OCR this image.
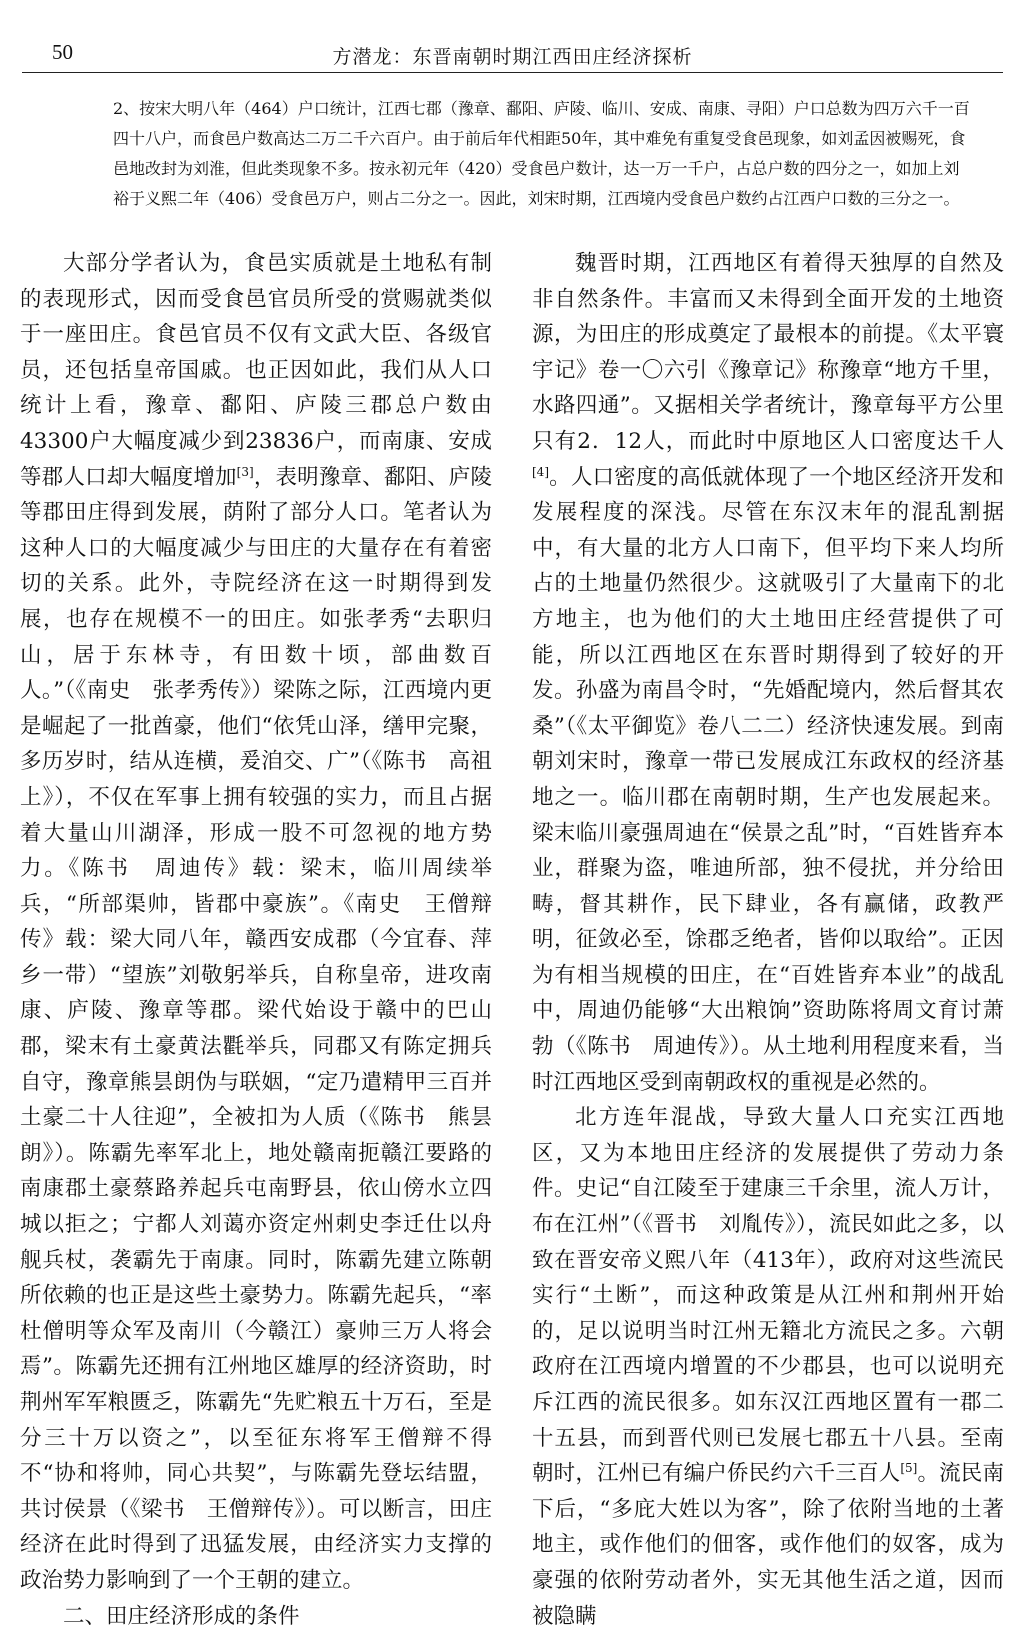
50	方潜龙：东晋南朝时期江西田庄经济探析

2、按宋大明八年（464）户口统计，江西七郡（豫章、鄱阳、庐陵、临川、安成、南康、寻阳）户口总数为四万六千一百四十八户，而食邑户数高达二万二千六百户。由于前后年代相距50年，其中难免有重复受食邑现象，如刘孟因被赐死，食邑地改封为刘淮，但此类现象不多。按永初元年（420）受食邑户数计，达一万一千户，占总户数的四分之一，如加上刘裕于义熙二年（406）受食邑万户，则占二分之一。因此，刘宋时期，江西境内受食邑户数约占江西户口数的三分之一。

大部分学者认为，食邑实质就是土地私有制的表现形式，因而受食邑官员所受的赏赐就类似于一座田庄。食邑官员不仅有文武大臣、各级官员，还包括皇帝国戚。也正因如此，我们从人口统计上看，豫章、鄱阳、庐陵三郡总户数由43300户大幅度减少到23836户，而南康、安成等郡人口却大幅度增加[3]，表明豫章、鄱阳、庐陵等郡田庄得到发展，荫附了部分人口。笔者认为这种人口的大幅度减少与田庄的大量存在有着密切的关系。此外，寺院经济在这一时期得到发展，也存在规模不一的田庄。如张孝秀“去职归山，居于东林寺，有田数十顷，部曲数百人。”（《南史　张孝秀传》）梁陈之际，江西境内更是崛起了一批酋豪，他们“依凭山泽，缮甲完聚，多历岁时，结从连横，爰洎交、广”（《陈书　高祖上》），不仅在军事上拥有较强的实力，而且占据着大量山川湖泽，形成一股不可忽视的地方势力。《陈书　周迪传》载：梁末，临川周续举兵，“所部渠帅，皆郡中豪族”。《南史　王僧辩传》载：梁大同八年，赣西安成郡（今宜春、萍乡一带）“望族”刘敬躬举兵，自称皇帝，进攻南康、庐陵、豫章等郡。梁代始设于赣中的巴山郡，梁末有土豪黄法氍举兵，同郡又有陈定拥兵自守，豫章熊昙朗伪与联姻，“定乃遣精甲三百并土豪二十人往迎”，全被扣为人质（《陈书　熊昙朗》）。陈霸先率军北上，地处赣南扼赣江要路的南康郡土豪蔡路养起兵屯南野县，依山傍水立四城以拒之；宁都人刘蔼亦资定州刺史李迁仕以舟舰兵杖，袭霸先于南康。同时，陈霸先建立陈朝所依赖的也正是这些土豪势力。陈霸先起兵，“率杜僧明等众军及南川（今赣江）豪帅三万人将会焉”。陈霸先还拥有江州地区雄厚的经济资助，时荆州军军粮匮乏，陈霸先“先贮粮五十万石，至是分三十万以资之”，以至征东将军王僧辩不得不“协和将帅，同心共契”，与陈霸先登坛结盟，共讨侯景（《梁书　王僧辩传》）。可以断言，田庄经济在此时得到了迅猛发展，由经济实力支撑的政治势力影响到了一个王朝的建立。

二、田庄经济形成的条件

魏晋时期，江西地区有着得天独厚的自然及非自然条件。丰富而又未得到全面开发的土地资源，为田庄的形成奠定了最根本的前提。《太平寰宇记》卷一〇六引《豫章记》称豫章“地方千里，水路四通”。又据相关学者统计，豫章每平方公里只有2．12人，而此时中原地区人口密度达千人[4]。人口密度的高低就体现了一个地区经济开发和发展程度的深浅。尽管在东汉末年的混乱割据中，有大量的北方人口南下，但平均下来人均所占的土地量仍然很少。这就吸引了大量南下的北方地主，也为他们的大土地田庄经营提供了可能，所以江西地区在东晋时期得到了较好的开发。孙盛为南昌令时，“先婚配境内，然后督其农桑”（《太平御览》卷八二二）经济快速发展。到南朝刘宋时，豫章一带已发展成江东政权的经济基地之一。临川郡在南朝时期，生产也发展起来。梁末临川豪强周迪在“侯景之乱”时，“百姓皆弃本业，群聚为盗，唯迪所部，独不侵扰，并分给田畴，督其耕作，民下肆业，各有赢储，政教严明，征敛必至，馀郡乏绝者，皆仰以取给”。正因为有相当规模的田庄，在“百姓皆弃本业”的战乱中，周迪仍能够“大出粮饷”资助陈将周文育讨萧勃（《陈书　周迪传》）。从土地利用程度来看，当时江西地区受到南朝政权的重视是必然的。

北方连年混战，导致大量人口充实江西地区，又为本地田庄经济的发展提供了劳动力条件。史记“自江陵至于建康三千余里，流人万计，布在江州”（《晋书　刘胤传》），流民如此之多，以致在晋安帝义熙八年（413年），政府对这些流民实行“土断”，而这种政策是从江州和荆州开始的，足以说明当时江州无籍北方流民之多。六朝政府在江西境内增置的不少郡县，也可以说明充斥江西的流民很多。如东汉江西地区置有一郡二十五县，而到晋代则已发展七郡五十八县。至南朝时，江州已有编户侨民约六千三百人[5]。流民南下后，“多庇大姓以为客”，除了依附当地的土著地主，或作他们的佃客，或作他们的奴客，成为豪强的依附劳动者外，实无其他生活之道，因而被隐瞒
